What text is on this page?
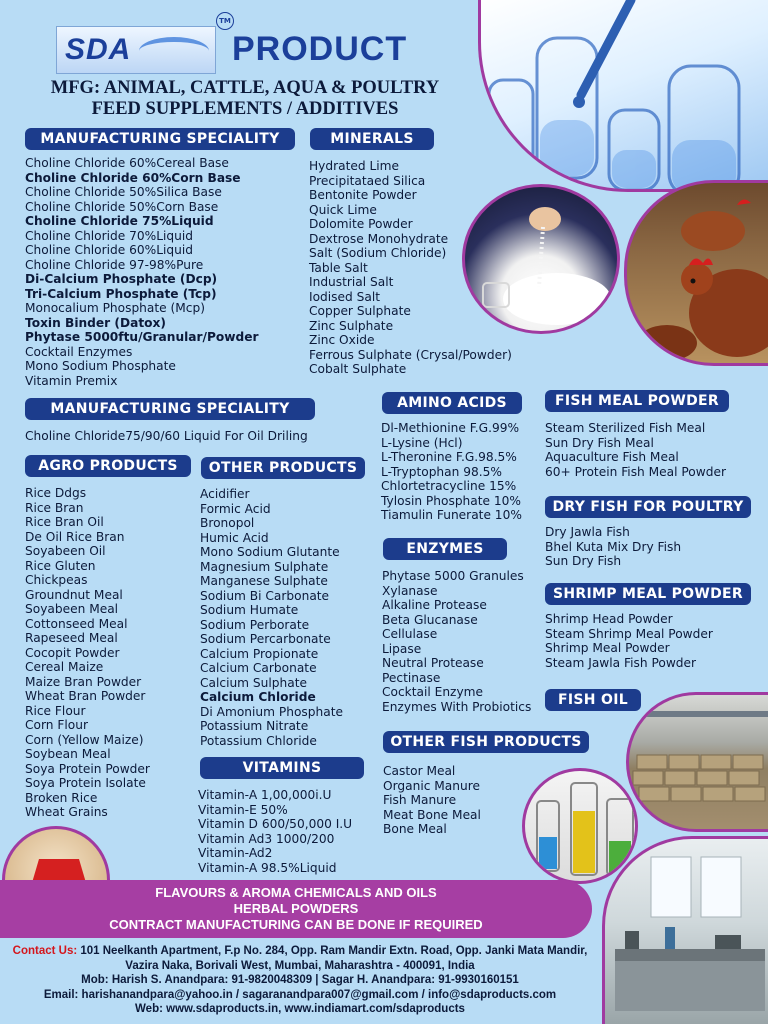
SDA
TM
PRODUCT
MFG: ANIMAL, CATTLE, AQUA & POULTRY
FEED SUPPLEMENTS / ADDITIVES
MANUFACTURING SPECIALITY
Choline Chloride 60%Cereal Base
Choline Chloride 60%Corn Base
Choline Chloride 50%Silica Base
Choline Chloride 50%Corn Base
Choline Chloride 75%Liquid
Choline Chloride 70%Liquid
Choline Chloride 60%Liquid
Choline Chloride 97-98%Pure
Di-Calcium Phosphate (Dcp)
Tri-Calcium Phosphate (Tcp)
Monocalium Phosphate (Mcp)
Toxin Binder (Datox)
Phytase 5000ftu/Granular/Powder
Cocktail Enzymes
Mono Sodium Phosphate
Vitamin Premix
MINERALS
Hydrated Lime
Precipitataed Silica
Bentonite Powder
Quick Lime
Dolomite Powder
Dextrose Monohydrate
Salt (Sodium Chloride)
Table Salt
Industrial Salt
Iodised Salt
Copper Sulphate
Zinc Sulphate
Zinc Oxide
Ferrous Sulphate (Crysal/Powder)
Cobalt Sulphate
MANUFACTURING SPECIALITY
Choline Chloride75/90/60 Liquid For Oil Driling
AMINO ACIDS
Dl-Methionine F.G.99%
L-Lysine (Hcl)
L-Theronine F.G.98.5%
L-Tryptophan 98.5%
Chlortetracycline 15%
Tylosin Phosphate 10%
Tiamulin Funerate 10%
FISH MEAL POWDER
Steam Sterilized Fish Meal
Sun Dry Fish Meal
Aquaculture Fish Meal
60+ Protein Fish Meal Powder
AGRO PRODUCTS
Rice Ddgs
Rice Bran
Rice Bran Oil
De Oil Rice Bran
Soyabeen Oil
Rice Gluten
Chickpeas
Groundnut Meal
Soyabeen Meal
Cottonseed Meal
Rapeseed Meal
Cocopit Powder
Cereal Maize
Maize Bran Powder
Wheat Bran Powder
Rice Flour
Corn Flour
Corn (Yellow Maize)
Soybean Meal
Soya Protein Powder
Soya Protein Isolate
Broken Rice
Wheat Grains
OTHER PRODUCTS
Acidifier
Formic Acid
Bronopol
Humic Acid
Mono Sodium Glutante
Magnesium Sulphate
Manganese Sulphate
Sodium Bi Carbonate
Sodium Humate
Sodium Perborate
Sodium Percarbonate
Calcium Propionate
Calcium Carbonate
Calcium Sulphate
Calcium Chloride
Di Amonium Phosphate
Potassium Nitrate
Potassium Chloride
ENZYMES
Phytase 5000 Granules
Xylanase
Alkaline Protease
Beta Glucanase
Cellulase
Lipase
Neutral Protease
Pectinase
Cocktail Enzyme
Enzymes With Probiotics
DRY FISH FOR POULTRY
Dry Jawla Fish
Bhel Kuta Mix Dry Fish
Sun Dry Fish
SHRIMP MEAL POWDER
Shrimp Head Powder
Steam Shrimp Meal Powder
Shrimp Meal Powder
Steam Jawla Fish Powder
FISH OIL
OTHER FISH PRODUCTS
Castor Meal
Organic Manure
Fish Manure
Meat Bone Meal
Bone Meal
VITAMINS
Vitamin-A 1,00,000i.U
Vitamin-E 50%
Vitamin D 600/50,000 I.U
Vitamin Ad3 1000/200
Vitamin-Ad2
Vitamin-A 98.5%Liquid
FLAVOURS & AROMA CHEMICALS AND OILS
HERBAL POWDERS
CONTRACT MANUFACTURING CAN BE DONE IF REQUIRED
Contact Us: 101 Neelkanth Apartment, F.p No. 284, Opp. Ram Mandir Extn. Road, Opp. Janki Mata Mandir,
Vazira Naka, Borivali West, Mumbai, Maharashtra - 400091, India
Mob: Harish S. Anandpara: 91-9820048309 | Sagar H. Anandpara: 91-9930160151
Email: harishanandpara@yahoo.in / sagaranandpara007@gmail.com / info@sdaproducts.com
Web: www.sdaproducts.in, www.indiamart.com/sdaproducts
